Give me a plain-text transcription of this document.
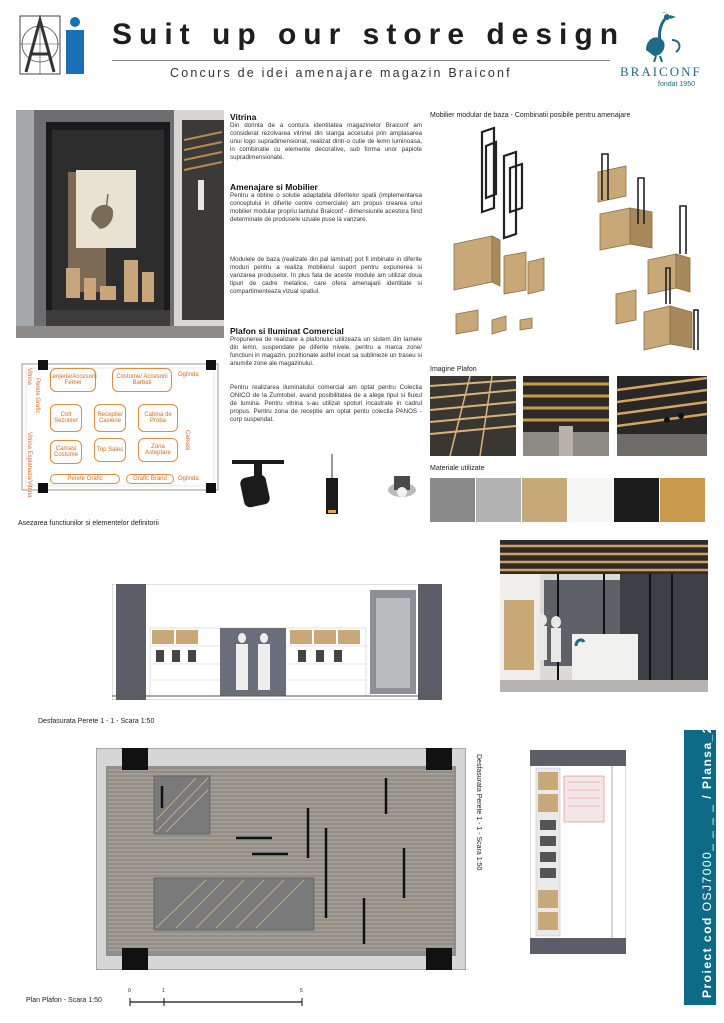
Suit up our store design
Concurs de idei amenajare magazin Braiconf	BRAICONF
fondat 1950
Vitrina
Din dorinta de a contura identitatea magazinelor Braiconf am considerat rezolvarea vitrinei din stanga accesului prin amplasarea unui logo supradimensionat, realizat dintr-o cutie de lemn luminoasa, in combinatie cu elemente decorative, sub forma unor papiote supradimensionate.
Amenajare si Mobilier
Pentru a obtine o solutie adaptabila diferitelor spatii (implementarea conceptului in diferite centre comerciale) am propus crearea unui mobilier modular propriu lantului Braiconf - dimensiunile acestora fiind determinate de produsele uzuale puse la vanzare.
Modulele de baza (realizate din pal laminat) pot fi imbinate in diferite moduri pentru a realiza mobilierul suport pentru expunerea si vanzarea produselor. In plus fata de aceste module am utilizat doua tipuri de cadre metalice, care ofera amenajarii identitate si compartimenteaza vizual spatiul.
Plafon si Iluminat Comercial
Propunerea de realizare a plafonului utilizeaza un sistem din lamele din lemn, suspendate pe diferite nivele, pentru a marca zone/ functiuni in magazin, pozitionate astfel incat sa sublinieze un traseu si anumite zone ale magazinului.
Pentru realizarea iluminatului comercial am optat pentru Colectia ONICO de la Zumtobel, avand posibilitatea de a alege tipul si fluxul de lumina. Pentru vitrina s-au utilizat spoturi incastrate in cadrul propus. Pentru zona de receptie am optat pentu colectia PANOS - corp suspendat.
Lenjerie/Accesorii Femei
Costume/ Accesorii Barbati
Oglinda
Colt Sezonier
Receptie/ Casierie
Cabina de Proba
Camasi
Top Sales
Zona Asteptare
Camasi Costume
Perete Grafic	Grafic Brand	Oglinda
Vitrina
Perete Grafic
Vitrina Esplanada/Vitrina
Asezarea functiunilor si elementelor definitorii
Mobilier modular de baza - Combinatii posibile pentru amenajare
Imagine Plafon
Materiale utilizate
Desfasurata Perete 1 - 1 - Scara 1:50
0	1	5
Plan Plafon - Scara 1:50
Desfasurata Perete 1 - 1 - Scara 1:50
Proiect cod OSJ7000_ _ _ _ / Plansa_2
